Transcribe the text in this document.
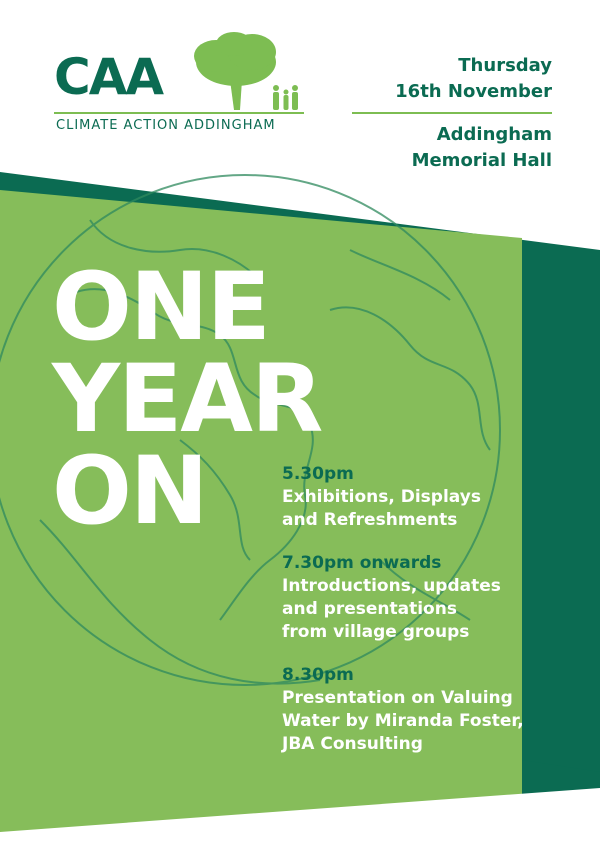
CAA
CLIMATE ACTION ADDINGHAM
Thursday
16th November
Addingham
Memorial Hall
ONE
YEAR
ON	5.30pm
Exhibitions, Displays
and Refreshments
7.30pm onwards
Introductions, updates
and presentations
from village groups
8.30pm
Presentation on Valuing
Water by Miranda Foster,
JBA Consulting
